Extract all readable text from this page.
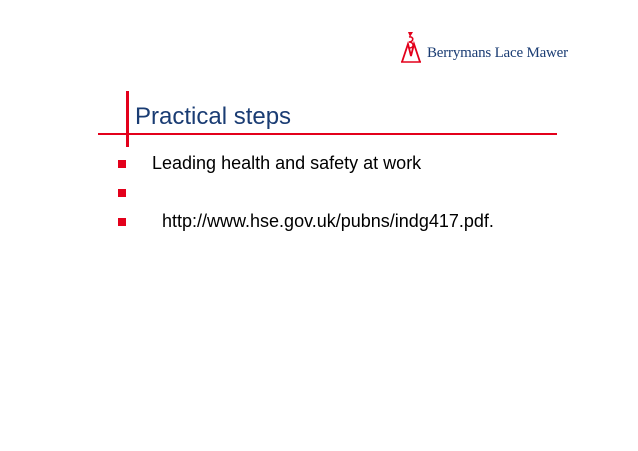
Berrymans Lace Mawer
Practical steps
Leading health and safety at work
http://www.hse.gov.uk/pubns/indg417.pdf.
